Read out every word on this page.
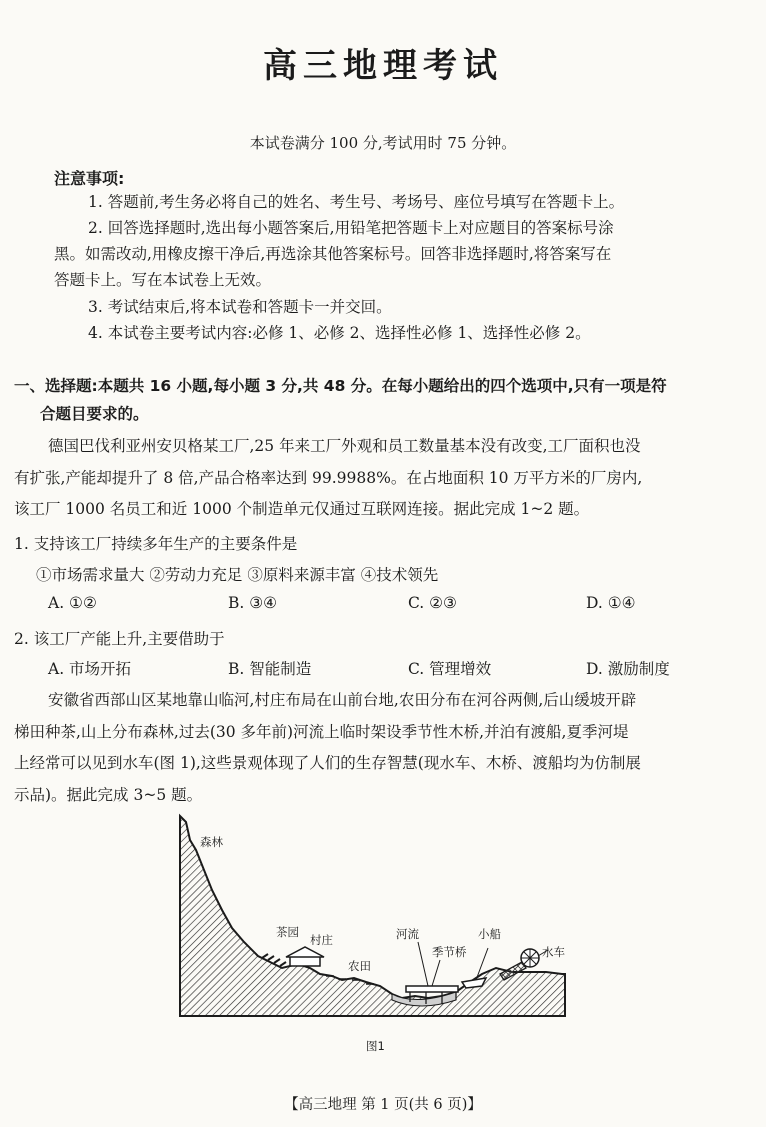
高三地理考试
本试卷满分 100 分,考试用时 75 分钟。
注意事项:
1. 答题前,考生务必将自己的姓名、考生号、考场号、座位号填写在答题卡上。
2. 回答选择题时,选出每小题答案后,用铅笔把答题卡上对应题目的答案标号涂
黑。如需改动,用橡皮擦干净后,再选涂其他答案标号。回答非选择题时,将答案写在
答题卡上。写在本试卷上无效。
3. 考试结束后,将本试卷和答题卡一并交回。
4. 本试卷主要考试内容:必修 1、必修 2、选择性必修 1、选择性必修 2。
一、选择题:本题共 16 小题,每小题 3 分,共 48 分。在每小题给出的四个选项中,只有一项是符
合题目要求的。
德国巴伐利亚州安贝格某工厂,25 年来工厂外观和员工数量基本没有改变,工厂面积也没
有扩张,产能却提升了 8 倍,产品合格率达到 99.9988%。在占地面积 10 万平方米的厂房内,
该工厂 1000 名员工和近 1000 个制造单元仅通过互联网连接。据此完成 1~2 题。
1. 支持该工厂持续多年生产的主要条件是
①市场需求量大 ②劳动力充足 ③原料来源丰富 ④技术领先
A. ①②	B. ③④	C. ②③	D. ①④
2. 该工厂产能上升,主要借助于
A. 市场开拓	B. 智能制造	C. 管理增效	D. 激励制度
安徽省西部山区某地靠山临河,村庄布局在山前台地,农田分布在河谷两侧,后山缓坡开辟
梯田种茶,山上分布森林,过去(30 多年前)河流上临时架设季节性木桥,并泊有渡船,夏季河堤
上经常可以见到水车(图 1),这些景观体现了人们的生存智慧(现水车、木桥、渡船均为仿制展
示品)。据此完成 3~5 题。
森林
茶园
村庄
农田
河流
季节桥
小船
水车
图1
【高三地理 第 1 页(共 6 页)】
